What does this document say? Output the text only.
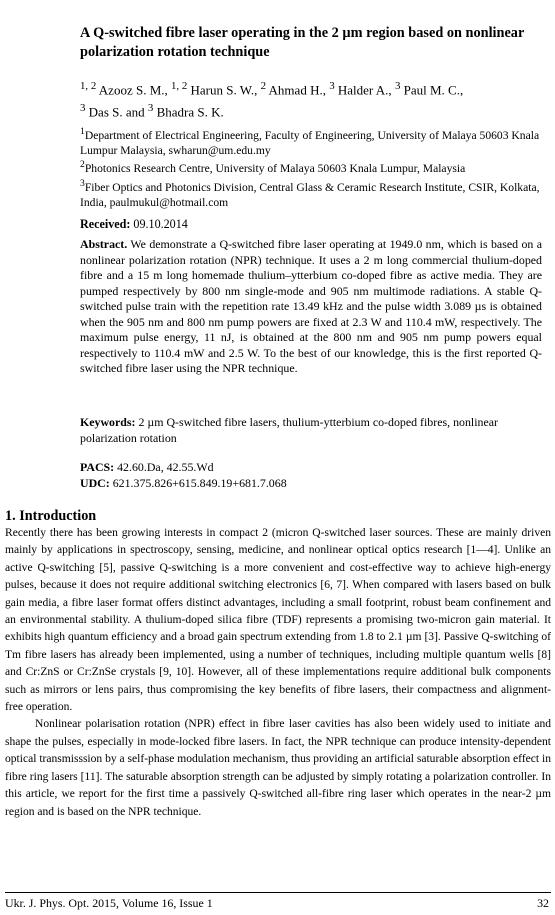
A Q-switched fibre laser operating in the 2 µm region based on nonlinear polarization rotation technique
$^{1, 2}$ Azooz S. M., $^{1, 2}$ Harun S. W., $^2$ Ahmad H., $^3$ Halder A., $^3$ Paul M. C.,
$^3$ Das S. and $^3$ Bhadra S. K.

$^1$Department of Electrical Engineering, Faculty of Engineering, University of Malaya 50603 Knala Lumpur Malaysia, swharun@um.edu.my

$^2$Photonics Research Centre, University of Malaya 50603 Knala Lumpur, Malaysia

$^3$Fiber Optics and Photonics Division, Central Glass & Ceramic Research Institute, CSIR, Kolkata, India, paulmukul@hotmail.com

Received: 09.10.2014
Abstract. We demonstrate a Q-switched fibre laser operating at 1949.0 nm, which is based on a nonlinear polarization rotation (NPR) technique. It uses a 2 m long commercial thulium-doped fibre and a 15 m long homemade thulium–ytterbium co-doped fibre as active media. They are pumped respectively by 800 nm single-mode and 905 nm multimode radiations. A stable Q-switched pulse train with the repetition rate 13.49 kHz and the pulse width 3.089 µs is obtained when the 905 nm and 800 nm pump powers are fixed at 2.3 W and 110.4 mW, respectively. The maximum pulse energy, 11 nJ, is obtained at the 800 nm and 905 nm pump powers equal respectively to 110.4 mW and 2.5 W. To the best of our knowledge, this is the first reported Q-switched fibre laser using the NPR technique.
Keywords: 2 µm Q-switched fibre lasers, thulium-ytterbium co-doped fibres, nonlinear polarization rotation

PACS: 42.60.Da, 42.55.Wd

UDC: 621.375.826+615.849.19+681.7.068

1. Introduction

Recently there has been growing interests in compact 2 (micron Q-switched laser sources. These are mainly driven mainly by applications in spectroscopy, sensing, medicine, and nonlinear optical optics research [1—4]. Unlike an active Q-switching [5], passive Q-switching is a more convenient and cost-effective way to achieve high-energy pulses, because it does not require additional switching electronics [6, 7]. When compared with lasers based on bulk gain media, a fibre laser format offers distinct advantages, including a small footprint, robust beam confinement and an environmental stability. A thulium-doped silica fibre (TDF) represents a promising two-micron gain material. It exhibits high quantum efficiency and a broad gain spectrum extending from 1.8 to 2.1 µm [3]. Passive Q-switching of Tm fibre lasers has already been implemented, using a number of techniques, including multiple quantum wells [8] and Cr:ZnS or Cr:ZnSe crystals [9, 10]. However, all of these implementations require additional bulk components such as mirrors or lens pairs, thus compromising the key benefits of fibre lasers, their compactness and alignment-free operation.

Nonlinear polarisation rotation (NPR) effect in fibre laser cavities has also been widely used to initiate and shape the pulses, especially in mode-locked fibre lasers. In fact, the NPR technique can produce intensity-dependent optical transmisssion by a self-phase modulation mechanism, thus providing an artificial saturable absorption effect in fibre ring lasers [11]. The saturable absorption strength can be adjusted by simply rotating a polarization controller. In this article, we report for the first time a passively Q-switched all-fibre ring laser which operates in the near-2 µm region and is based on the NPR technique.

Ukr. J. Phys. Opt. 2015, Volume 16, Issue 1	32
